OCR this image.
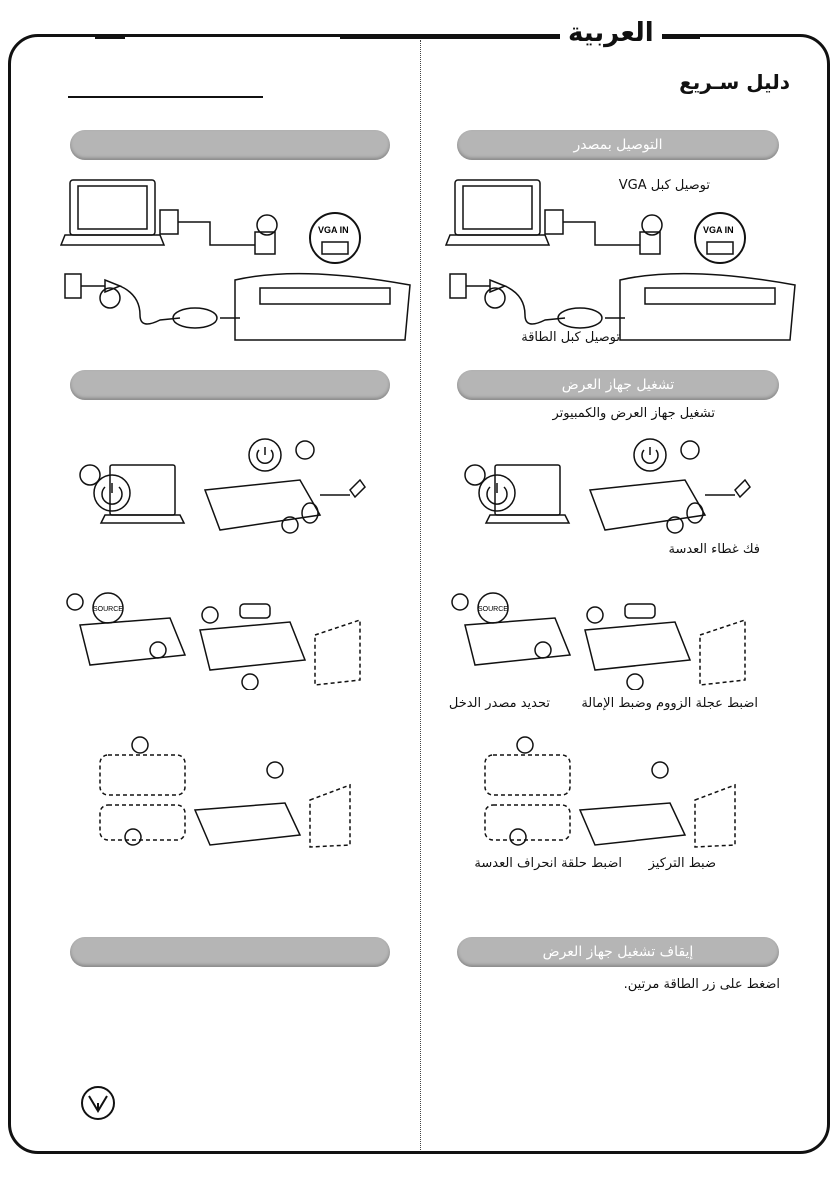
العربية
دليل سـريع
التوصيل بمصدر
تشغيل جهاز العرض
إيقاف تشغيل جهاز العرض
توصيل كبل VGA
توصيل كبل الطاقة
تشغيل جهاز العرض والكمبيوتر
فك غطاء العدسة
تحديد مصدر الدخل اضبط عجلة الزووم وضبط الإمالة
ضبط التركيز
اضبط حلقة انحراف العدسة
اضغط على زر الطاقة مرتين.
VGA IN	VGA IN
SOURCE	SOURCE
